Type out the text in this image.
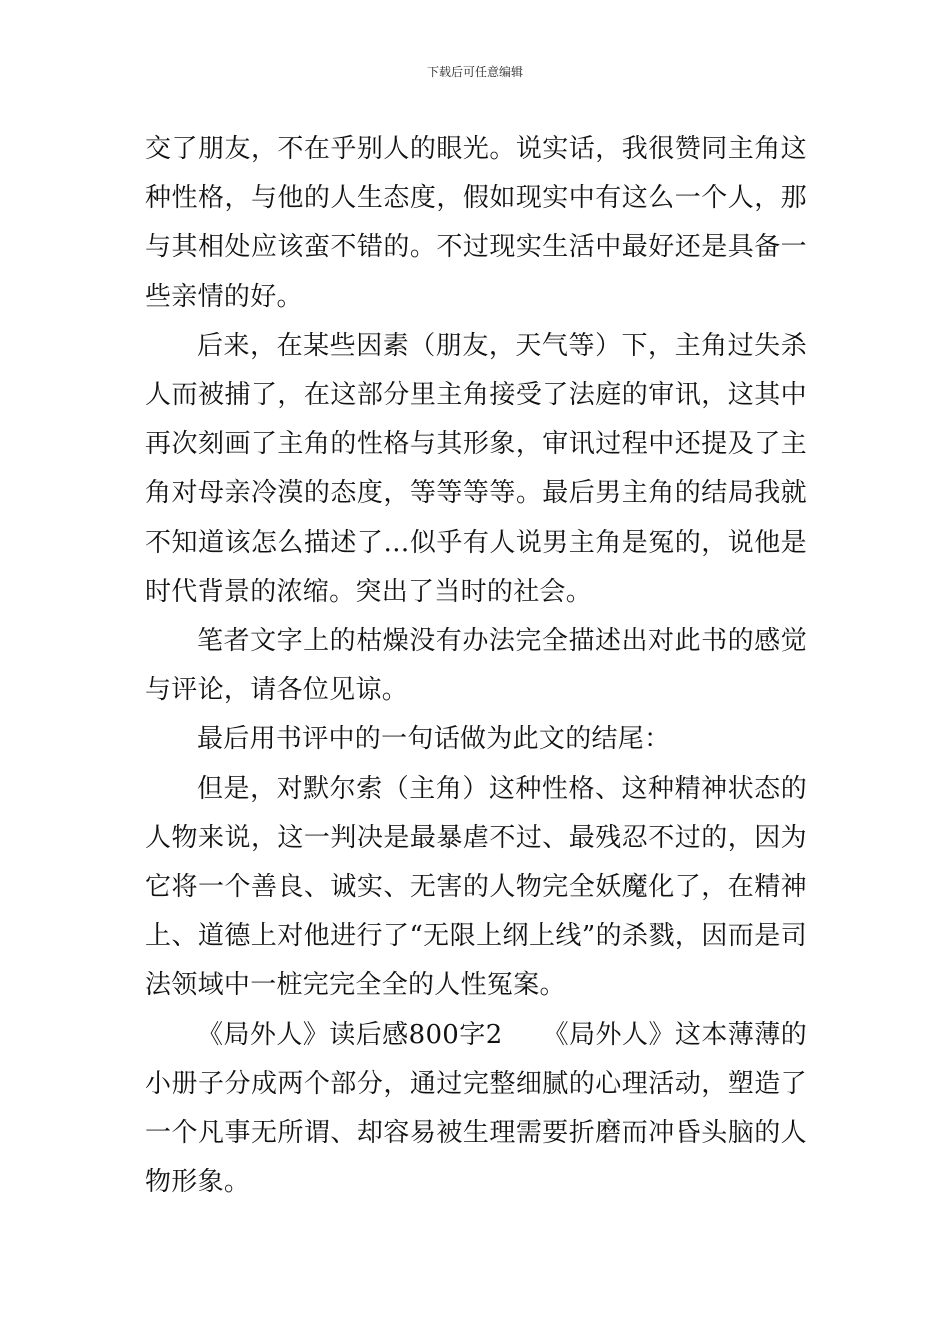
下载后可任意编辑

交了朋友，不在乎别人的眼光。说实话，我很赞同主角这种性格，与他的人生态度，假如现实中有这么一个人，那与其相处应该蛮不错的。不过现实生活中最好还是具备一些亲情的好。

后来，在某些因素（朋友，天气等）下，主角过失杀人而被捕了，在这部分里主角接受了法庭的审讯，这其中再次刻画了主角的性格与其形象，审讯过程中还提及了主角对母亲冷漠的态度，等等等等。最后男主角的结局我就不知道该怎么描述了…似乎有人说男主角是冤的，说他是时代背景的浓缩。突出了当时的社会。

笔者文字上的枯燥没有办法完全描述出对此书的感觉与评论，请各位见谅。

最后用书评中的一句话做为此文的结尾：

但是，对默尔索（主角）这种性格、这种精神状态的人物来说，这一判决是最暴虐不过、最残忍不过的，因为它将一个善良、诚实、无害的人物完全妖魔化了，在精神上、道德上对他进行了“无限上纲上线”的杀戮，因而是司法领域中一桩完完全全的人性冤案。

《局外人》读后感800字2　　《局外人》这本薄薄的小册子分成两个部分，通过完整细腻的心理活动，塑造了一个凡事无所谓、却容易被生理需要折磨而冲昏头脑的人物形象。
